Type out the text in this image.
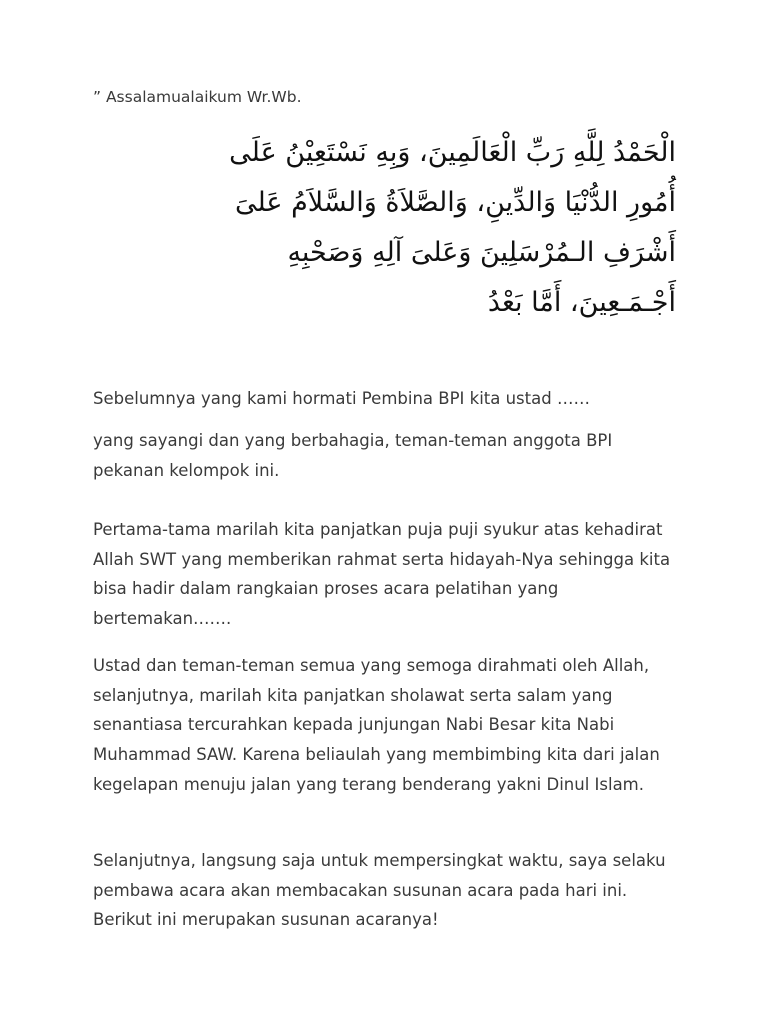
” Assalamualaikum Wr.Wb.
الْحَمْدُ لِلَّهِ رَبِّ الْعَالَمِينَ، وَبِهِ نَسْتَعِيْنُ عَلَى
أُمُورِ الدُّنْيَا وَالدِّينِ، وَالصَّلاَةُ وَالسَّلاَمُ عَلىَ
أَشْرَفِ الـمُرْسَلِينَ وَعَلىَ آلِهِ وَصَحْبِهِ
أَجْـمَـعِينَ، أَمَّا بَعْدُ

Sebelumnya yang kami hormati Pembina BPI kita ustad ……

yang sayangi dan yang berbahagia, teman-teman anggota BPI pekanan kelompok ini.

Pertama-tama marilah kita panjatkan puja puji syukur atas kehadirat Allah SWT yang memberikan rahmat serta hidayah-Nya sehingga kita bisa hadir dalam rangkaian proses acara pelatihan yang bertemakan…….

Ustad dan teman-teman semua yang semoga dirahmati oleh Allah, selanjutnya, marilah kita panjatkan sholawat serta salam yang senantiasa tercurahkan kepada junjungan Nabi Besar kita Nabi Muhammad SAW. Karena beliaulah yang membimbing kita dari jalan kegelapan menuju jalan yang terang benderang yakni Dinul Islam.

Selanjutnya, langsung saja untuk mempersingkat waktu, saya selaku pembawa acara akan membacakan susunan acara pada hari ini. Berikut ini merupakan susunan acaranya!
